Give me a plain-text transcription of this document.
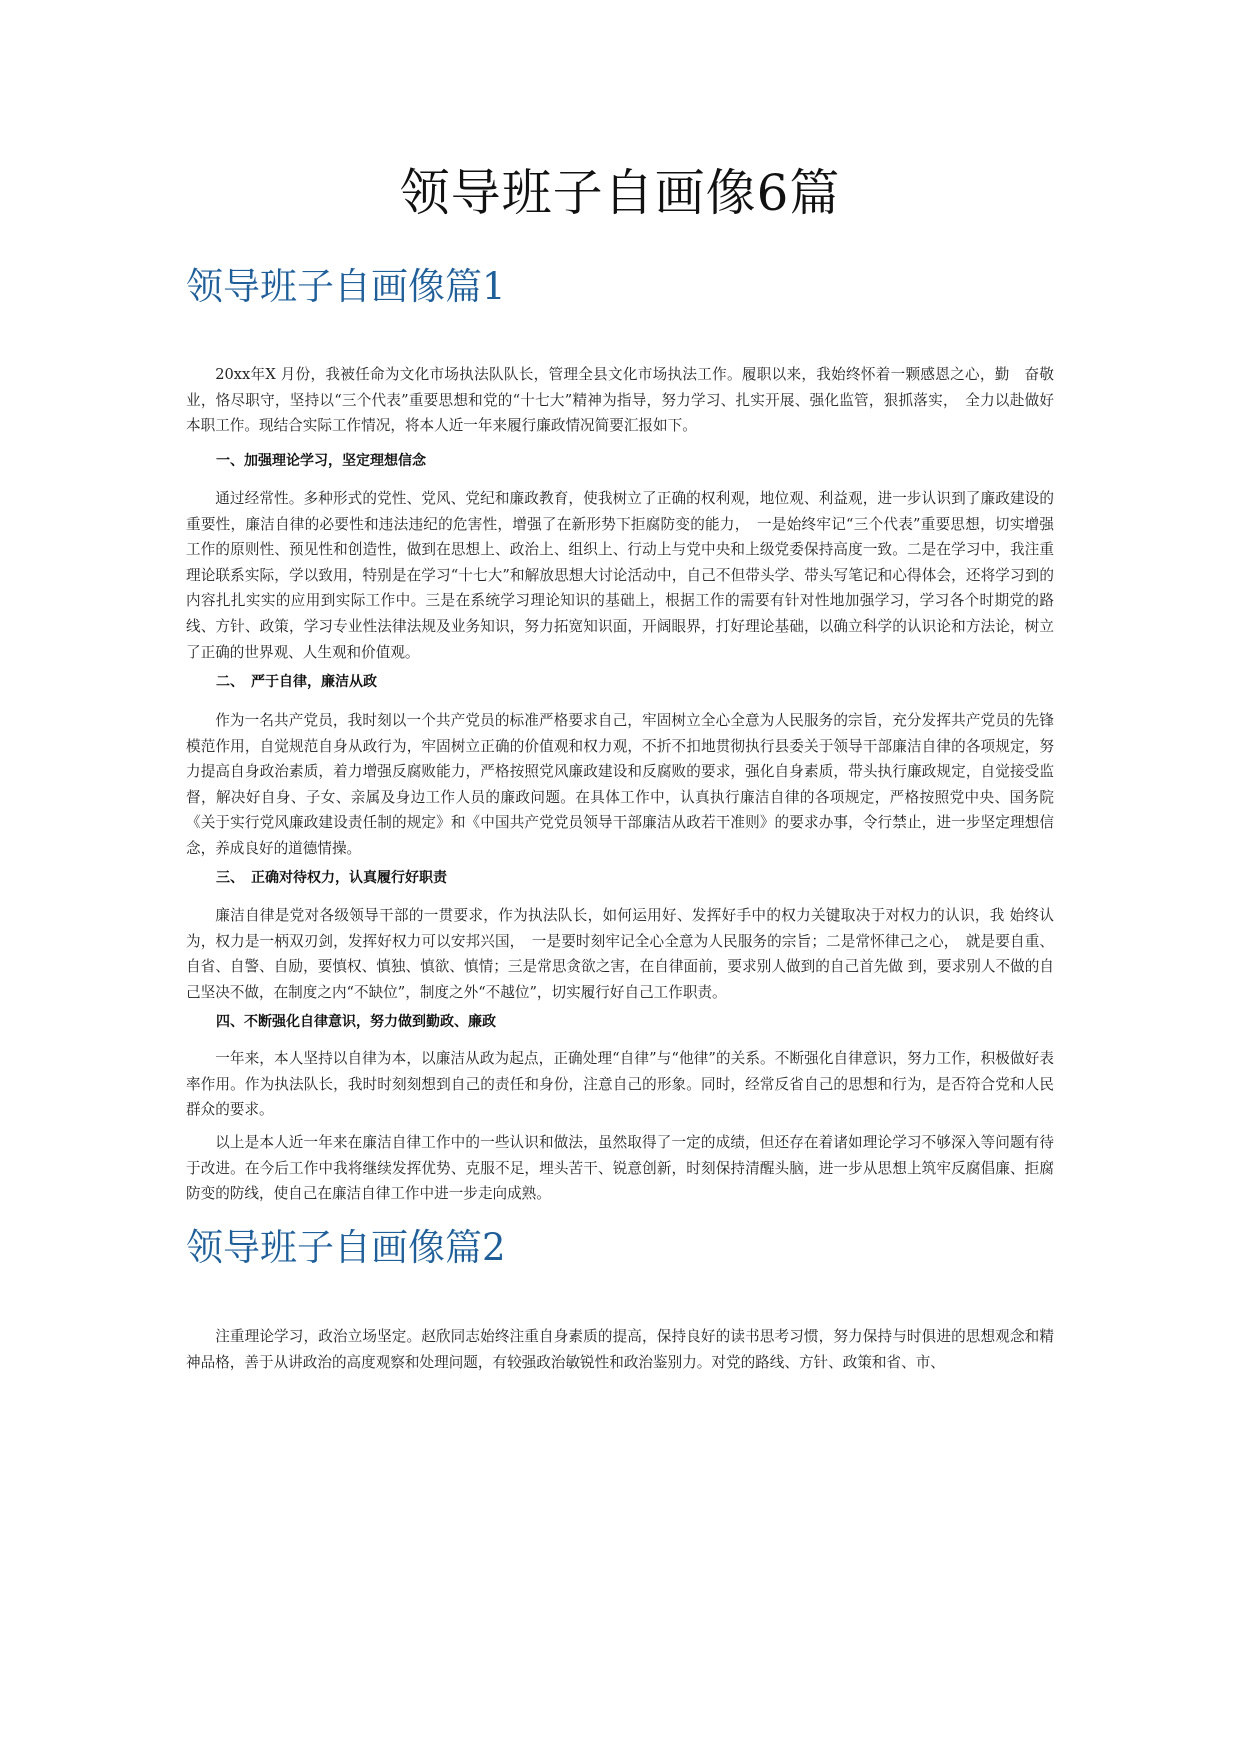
领导班子自画像6篇
领导班子自画像篇1

20xx年X 月份，我被任命为文化市场执法队队长，管理全县文化市场执法工作。履职以来，我始终怀着一颗感恩之心，勤　奋敬业，恪尽职守，坚持以“三个代表”重要思想和党的“十七大”精神为指导，努力学习、扎实开展、强化监管，狠抓落实，　全力以赴做好本职工作。现结合实际工作情况，将本人近一年来履行廉政情况简要汇报如下。

一、加强理论学习，坚定理想信念

通过经常性。多种形式的党性、党风、党纪和廉政教育，使我树立了正确的权利观，地位观、利益观，进一步认识到了廉政建设的重要性，廉洁自律的必要性和违法违纪的危害性，增强了在新形势下拒腐防变的能力，　一是始终牢记“三个代表”重要思想，切实增强工作的原则性、预见性和创造性，做到在思想上、政治上、组织上、行动上与党中央和上级党委保持高度一致。二是在学习中，我注重理论联系实际，学以致用，特别是在学习“十七大”和解放思想大讨论活动中，自己不但带头学、带头写笔记和心得体会，还将学习到的内容扎扎实实的应用到实际工作中。三是在系统学习理论知识的基础上，根据工作的需要有针对性地加强学习，学习各个时期党的路线、方针、政策，学习专业性法律法规及业务知识，努力拓宽知识面，开阔眼界，打好理论基础，以确立科学的认识论和方法论，树立了正确的世界观、人生观和价值观。

二、　严于自律，廉洁从政

作为一名共产党员，我时刻以一个共产党员的标准严格要求自己，牢固树立全心全意为人民服务的宗旨，充分发挥共产党员的先锋模范作用，自觉规范自身从政行为，牢固树立正确的价值观和权力观，不折不扣地贯彻执行县委关于领导干部廉洁自律的各项规定，努力提高自身政治素质，着力增强反腐败能力，严格按照党风廉政建设和反腐败的要求，强化自身素质，带头执行廉政规定，自觉接受监督，解决好自身、子女、亲属及身边工作人员的廉政问题。在具体工作中，认真执行廉洁自律的各项规定，严格按照党中央、国务院《关于实行党风廉政建设责任制的规定》和《中国共产党党员领导干部廉洁从政若干准则》的要求办事，令行禁止，进一步坚定理想信念，养成良好的道德情操。

三、　正确对待权力，认真履行好职责

廉洁自律是党对各级领导干部的一贯要求，作为执法队长，如何运用好、发挥好手中的权力关键取决于对权力的认识，我 始终认为，权力是一柄双刃剑，发挥好权力可以安邦兴国，　一是要时刻牢记全心全意为人民服务的宗旨；二是常怀律己之心，　就是要自重、自省、自警、自励，要慎权、慎独、慎欲、慎情；三是常思贪欲之害，在自律面前，要求别人做到的自己首先做 到，要求别人不做的自己坚决不做，在制度之内“不缺位”，制度之外“不越位”，切实履行好自己工作职责。

四、不断强化自律意识，努力做到勤政、廉政

一年来，本人坚持以自律为本，以廉洁从政为起点，正确处理“自律”与“他律”的关系。不断强化自律意识，努力工作，积极做好表率作用。作为执法队长，我时时刻刻想到自己的责任和身份，注意自己的形象。同时，经常反省自己的思想和行为，是否符合党和人民群众的要求。

以上是本人近一年来在廉洁自律工作中的一些认识和做法，虽然取得了一定的成绩，但还存在着诸如理论学习不够深入等问题有待于改进。在今后工作中我将继续发挥优势、克服不足，埋头苦干、锐意创新，时刻保持清醒头脑，进一步从思想上筑牢反腐倡廉、拒腐防变的防线，使自己在廉洁自律工作中进一步走向成熟。

领导班子自画像篇2

注重理论学习，政治立场坚定。赵欣同志始终注重自身素质的提高，保持良好的读书思考习惯，努力保持与时俱进的思想观念和精神品格，善于从讲政治的高度观察和处理问题，有较强政治敏锐性和政治鉴别力。对党的路线、方针、政策和省、市、
